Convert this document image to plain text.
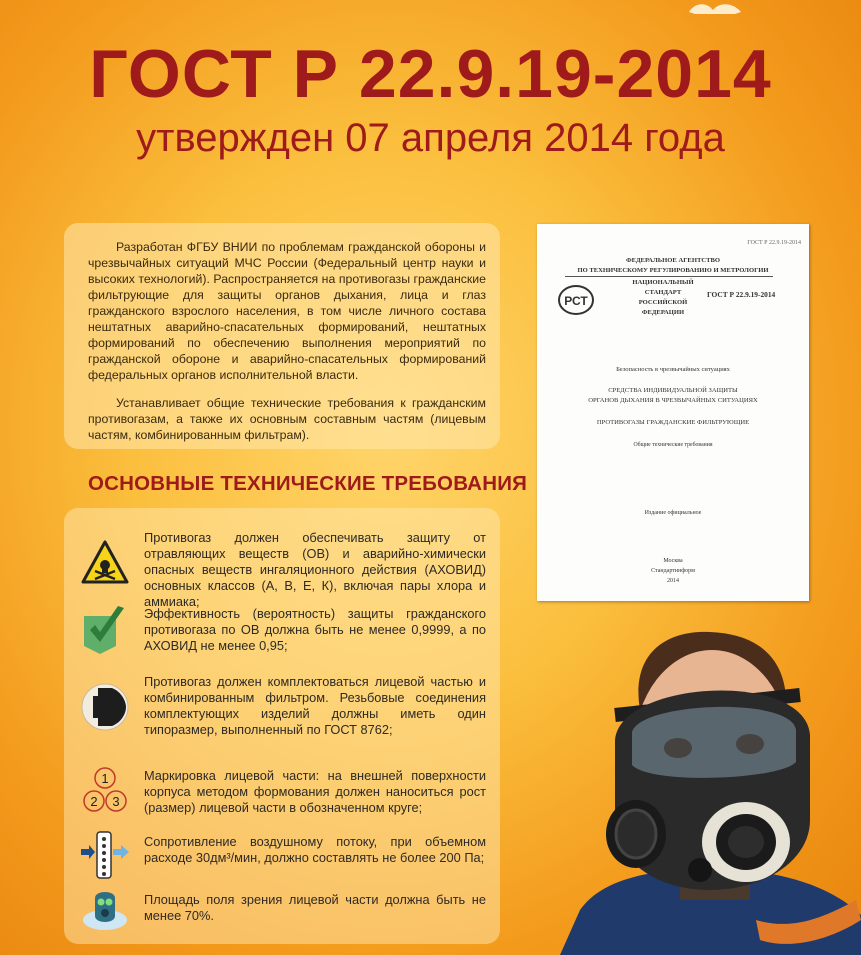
ГОСТ Р 22.9.19-2014
утвержден 07 апреля 2014 года

Разработан ФГБУ ВНИИ по проблемам гражданской обороны и чрезвычайных ситуаций МЧС России (Федеральный центр науки и высоких технологий). Распространяется на противогазы гражданские фильтрующие для защиты органов дыхания, лица и глаз гражданского взрослого населения, в том числе личного состава нештатных аварийно-спасательных формирований, нештатных формирований по обеспечению выполнения мероприятий по гражданской обороне и аварийно-спасательных формирований федеральных органов исполнительной власти.

Устанавливает общие технические требования к гражданским противогазам, а также их основным составным частям (лицевым частям, комбинированным фильтрам).

ОСНОВНЫЕ ТЕХНИЧЕСКИЕ ТРЕБОВАНИЯ
Противогаз должен обеспечивать защиту от отравляющих веществ (ОВ) и аварийно-химически опасных веществ ингаляционного действия (АХОВИД) основных классов (А, В, Е, К), включая пары хлора и аммиака;
Эффективность (вероятность) защиты гражданского противогаза по ОВ должна быть не менее 0,9999, а по АХОВИД не менее 0,95;
Противогаз должен комплектоваться лицевой частью и комбинированным фильтром. Резьбовые соединения комплектующих изделий должны иметь один типоразмер, выполненный по ГОСТ 8762;
1
2 3
Маркировка лицевой части: на внешней поверхности корпуса методом формования должен наноситься рост (размер) лицевой части в обозначенном круге;
Сопротивление воздушному потоку, при объемном расходе 30дм³/мин, должно составлять не более 200 Па;
Площадь поля зрения лицевой части должна быть не менее 70%.
ГОСТ Р 22.9.19-2014
ФЕДЕРАЛЬНОЕ АГЕНТСТВО
ПО ТЕХНИЧЕСКОМУ РЕГУЛИРОВАНИЮ И МЕТРОЛОГИИ
РСТ
НАЦИОНАЛЬНЫЙ
СТАНДАРТ
РОССИЙСКОЙ
ФЕДЕРАЦИИ
ГОСТ Р 22.9.19-2014
Безопасность в чрезвычайных ситуациях
СРЕДСТВА ИНДИВИДУАЛЬНОЙ ЗАЩИТЫ
ОРГАНОВ ДЫХАНИЯ В ЧРЕЗВЫЧАЙНЫХ СИТУАЦИЯХ
ПРОТИВОГАЗЫ ГРАЖДАНСКИЕ ФИЛЬТРУЮЩИЕ
Общие технические требования
Издание официальное
Москва
Стандартинформ
2014
